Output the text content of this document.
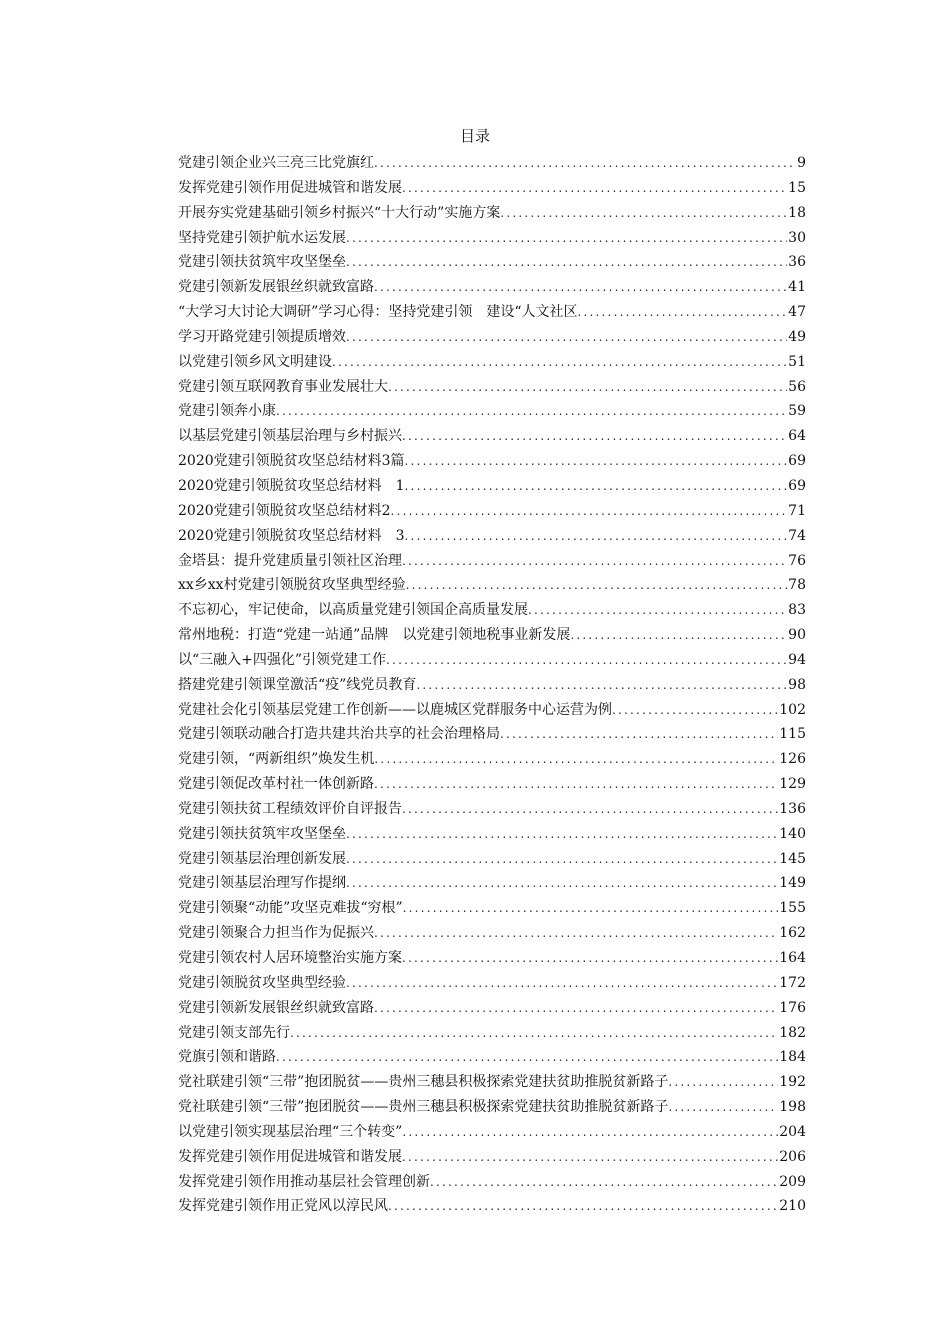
目录
党建引领企业兴三亮三比党旗红 .....	9
发挥党建引领作用促进城管和谐发展 .....	15
开展夯实党建基础引领乡村振兴“十大行动”实施方案 .....	18
坚持党建引领护航水运发展 .....	30
党建引领扶贫筑牢攻坚堡垒 .....	36
党建引领新发展银丝织就致富路 .....	41
“大学习大讨论大调研”学习心得：坚持党建引领　建设“人文社区 .....	47
学习开路党建引领提质增效 .....	49
以党建引领乡风文明建设 .....	51
党建引领互联网教育事业发展壮大 .....	56
党建引领奔小康 .....	59
以基层党建引领基层治理与乡村振兴 .....	64
2020党建引领脱贫攻坚总结材料3篇 .....	69
2020党建引领脱贫攻坚总结材料　1 .....	69
2020党建引领脱贫攻坚总结材料2 .....	71
2020党建引领脱贫攻坚总结材料　3 .....	74
金塔县：提升党建质量引领社区治理 .....	76
xx乡xx村党建引领脱贫攻坚典型经验 .....	78
不忘初心，牢记使命，以高质量党建引领国企高质量发展 .....	83
常州地税：打造“党建一站通”品牌　以党建引领地税事业新发展 .....	90
以“三融入+四强化”引领党建工作 .....	94
搭建党建引领课堂激活“疫”线党员教育 .....	98
党建社会化引领基层党建工作创新——以鹿城区党群服务中心运营为例 .....	102
党建引领联动融合打造共建共治共享的社会治理格局 .....	115
党建引领，“两新组织”焕发生机 .....	126
党建引领促改革村社一体创新路 .....	129
党建引领扶贫工程绩效评价自评报告 .....	136
党建引领扶贫筑牢攻坚堡垒 .....	140
党建引领基层治理创新发展 .....	145
党建引领基层治理写作提纲 .....	149
党建引领聚“动能”攻坚克难拔“穷根” .....	155
党建引领聚合力担当作为促振兴 .....	162
党建引领农村人居环境整治实施方案 .....	164
党建引领脱贫攻坚典型经验 .....	172
党建引领新发展银丝织就致富路 .....	176
党建引领支部先行 .....	182
党旗引领和谐路 .....	184
党社联建引领“三带”抱团脱贫——贵州三穗县积极探索党建扶贫助推脱贫新路子 .....	192
党社联建引领“三带”抱团脱贫——贵州三穗县积极探索党建扶贫助推脱贫新路子 .....	198
以党建引领实现基层治理“三个转变” .....	204
发挥党建引领作用促进城管和谐发展 .....	206
发挥党建引领作用推动基层社会管理创新 .....	209
发挥党建引领作用正党风以淳民风 .....	210
